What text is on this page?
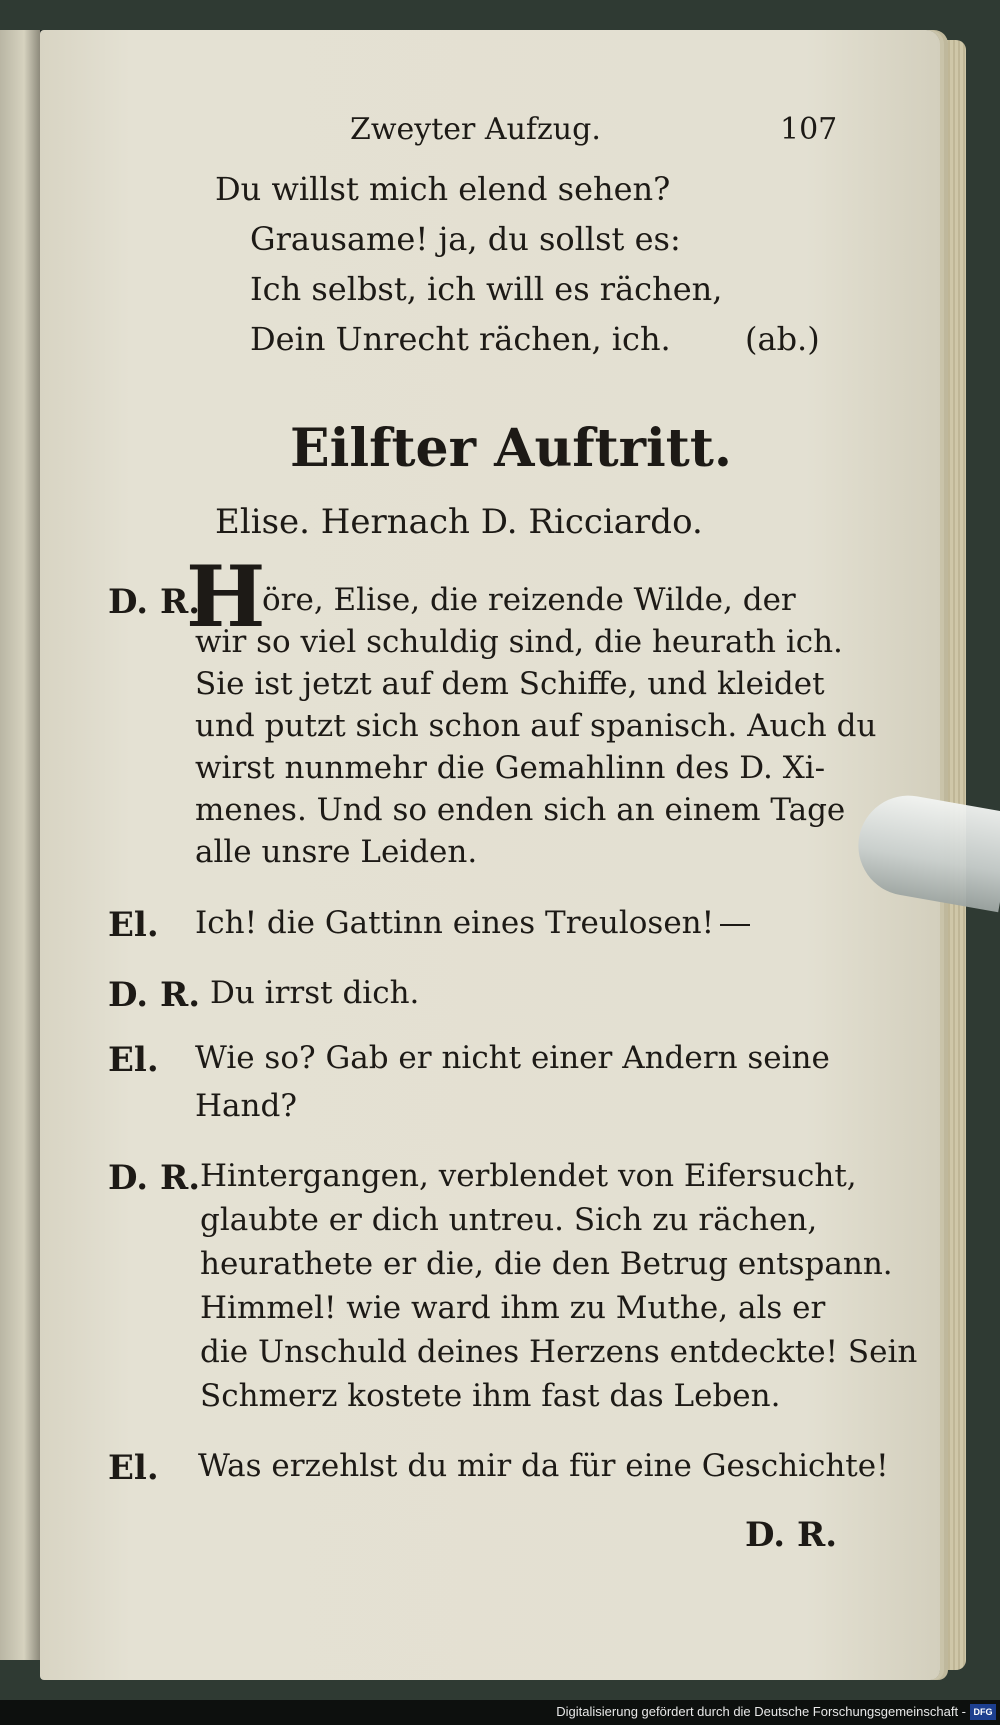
Zweyter Aufzug.	107
Du willst mich elend sehen?
Grausame! ja, du sollst es:
Ich selbst, ich will es rächen,
Dein Unrecht rächen, ich. (ab.)
Eilfter Auftritt.
Elise. Hernach D. Ricciardo.
D. R.
H
öre, Elise, die reizende Wilde, der
wir so viel schuldig sind, die heurath ich.
Sie ist jetzt auf dem Schiffe, und kleidet
und putzt sich schon auf spanisch. Auch du
wirst nunmehr die Gemahlinn des D. Xi-
menes. Und so enden sich an einem Tage
alle unsre Leiden.
El. Ich! die Gattinn eines Treulosen!
D. R. Du irrst dich.
El. Wie so? Gab er nicht einer Andern seine
Hand?
D. R. Hintergangen, verblendet von Eifersucht,
glaubte er dich untreu. Sich zu rächen,
heurathete er die, die den Betrug entspann.
Himmel! wie ward ihm zu Muthe, als er
die Unschuld deines Herzens entdeckte! Sein
Schmerz kostete ihm fast das Leben.
El. Was erzehlst du mir da für eine Geschichte!
D. R.
Digitalisierung gefördert durch die Deutsche Forschungsgemeinschaft - DFG
